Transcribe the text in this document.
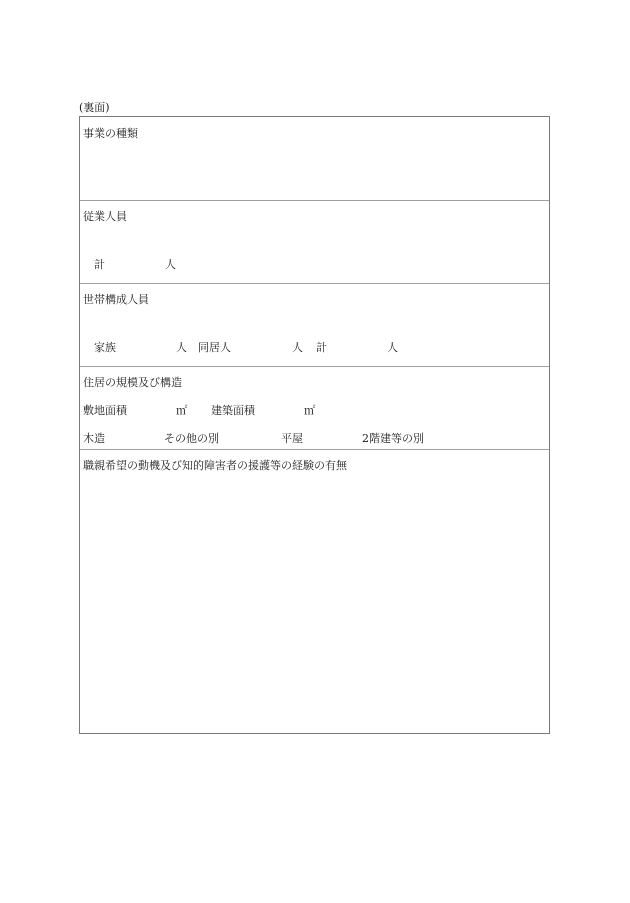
(裏面)
事業の種類
従業人員
計	人
世帯構成人員
家族	人 同居人	人 計	人
住居の規模及び構造
敷地面積	㎡ 建築面積	㎡
木造	その他の別	平屋	2階建等の別
職親希望の動機及び知的障害者の援護等の経験の有無
